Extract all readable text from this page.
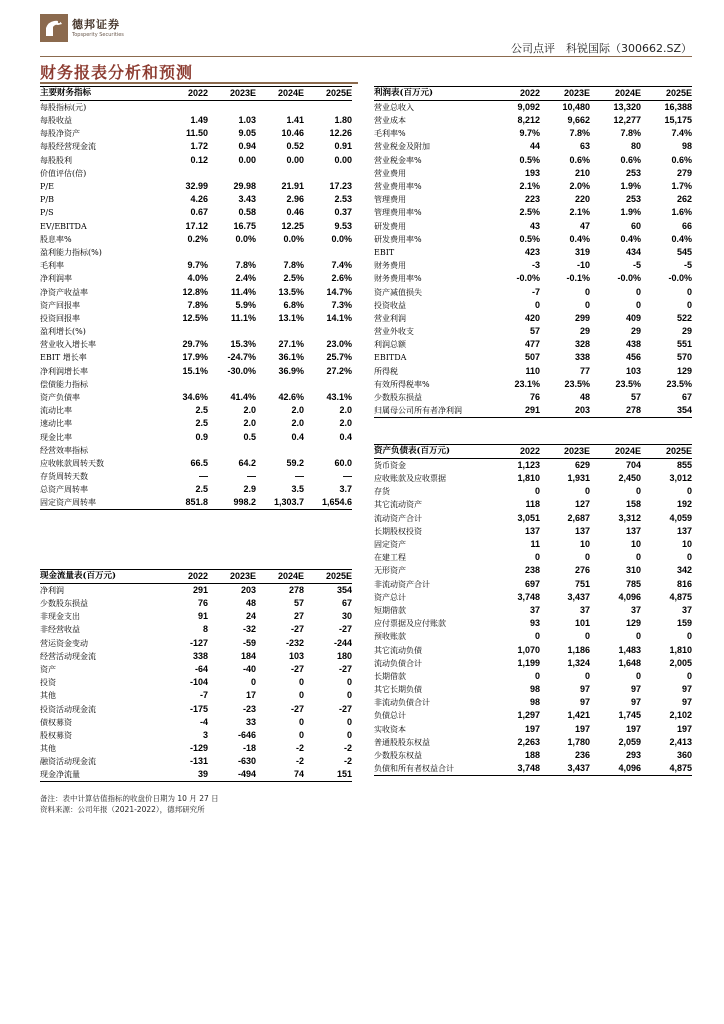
德邦证券
Topsperity Securities
公司点评　科锐国际（300662.SZ）
财务报表分析和预测
主要财务指标	2022	2023E	2024E	2025E
每股指标(元)				
每股收益	1.49	1.03	1.41	1.80
每股净资产	11.50	9.05	10.46	12.26
每股经营现金流	1.72	0.94	0.52	0.91
每股股利	0.12	0.00	0.00	0.00
价值评估(倍)				
P/E	32.99	29.98	21.91	17.23
P/B	4.26	3.43	2.96	2.53
P/S	0.67	0.58	0.46	0.37
EV/EBITDA	17.12	16.75	12.25	9.53
股息率%	0.2%	0.0%	0.0%	0.0%
盈利能力指标(%)				
毛利率	9.7%	7.8%	7.8%	7.4%
净利润率	4.0%	2.4%	2.5%	2.6%
净资产收益率	12.8%	11.4%	13.5%	14.7%
资产回报率	7.8%	5.9%	6.8%	7.3%
投资回报率	12.5%	11.1%	13.1%	14.1%
盈利增长(%)				
营业收入增长率	29.7%	15.3%	27.1%	23.0%
EBIT 增长率	17.9%	-24.7%	36.1%	25.7%
净利润增长率	15.1%	-30.0%	36.9%	27.2%
偿债能力指标				
资产负债率	34.6%	41.4%	42.6%	43.1%
流动比率	2.5	2.0	2.0	2.0
速动比率	2.5	2.0	2.0	2.0
现金比率	0.9	0.5	0.4	0.4
经营效率指标				
应收帐款周转天数	66.5	64.2	59.2	60.0
存货周转天数	—	—	—	—
总资产周转率	2.5	2.9	3.5	3.7
固定资产周转率	851.8	998.2	1,303.7	1,654.6
现金流量表(百万元)	2022	2023E	2024E	2025E
净利润	291	203	278	354
少数股东损益	76	48	57	67
非现金支出	91	24	27	30
非经营收益	8	-32	-27	-27
营运资金变动	-127	-59	-232	-244
经营活动现金流	338	184	103	180
资产	-64	-40	-27	-27
投资	-104	0	0	0
其他	-7	17	0	0
投资活动现金流	-175	-23	-27	-27
债权募资	-4	33	0	0
股权募资	3	-646	0	0
其他	-129	-18	-2	-2
融资活动现金流	-131	-630	-2	-2
现金净流量	39	-494	74	151
利润表(百万元)	2022	2023E	2024E	2025E
营业总收入	9,092	10,480	13,320	16,388
营业成本	8,212	9,662	12,277	15,175
毛利率%	9.7%	7.8%	7.8%	7.4%
营业税金及附加	44	63	80	98
营业税金率%	0.5%	0.6%	0.6%	0.6%
营业费用	193	210	253	279
营业费用率%	2.1%	2.0%	1.9%	1.7%
管理费用	223	220	253	262
管理费用率%	2.5%	2.1%	1.9%	1.6%
研发费用	43	47	60	66
研发费用率%	0.5%	0.4%	0.4%	0.4%
EBIT	423	319	434	545
财务费用	-3	-10	-5	-5
财务费用率%	-0.0%	-0.1%	-0.0%	-0.0%
资产减值损失	-7	0	0	0
投资收益	0	0	0	0
营业利润	420	299	409	522
营业外收支	57	29	29	29
利润总额	477	328	438	551
EBITDA	507	338	456	570
所得税	110	77	103	129
有效所得税率%	23.1%	23.5%	23.5%	23.5%
少数股东损益	76	48	57	67
归属母公司所有者净利润	291	203	278	354
资产负债表(百万元)	2022	2023E	2024E	2025E
货币资金	1,123	629	704	855
应收账款及应收票据	1,810	1,931	2,450	3,012
存货	0	0	0	0
其它流动资产	118	127	158	192
流动资产合计	3,051	2,687	3,312	4,059
长期股权投资	137	137	137	137
固定资产	11	10	10	10
在建工程	0	0	0	0
无形资产	238	276	310	342
非流动资产合计	697	751	785	816
资产总计	3,748	3,437	4,096	4,875
短期借款	37	37	37	37
应付票据及应付账款	93	101	129	159
预收账款	0	0	0	0
其它流动负债	1,070	1,186	1,483	1,810
流动负债合计	1,199	1,324	1,648	2,005
长期借款	0	0	0	0
其它长期负债	98	97	97	97
非流动负债合计	98	97	97	97
负债总计	1,297	1,421	1,745	2,102
实收资本	197	197	197	197
普通股股东权益	2,263	1,780	2,059	2,413
少数股东权益	188	236	293	360
负债和所有者权益合计	3,748	3,437	4,096	4,875
备注：表中计算估值指标的收盘价日期为 10 月 27 日
资料来源：公司年报（2021-2022），德邦研究所
